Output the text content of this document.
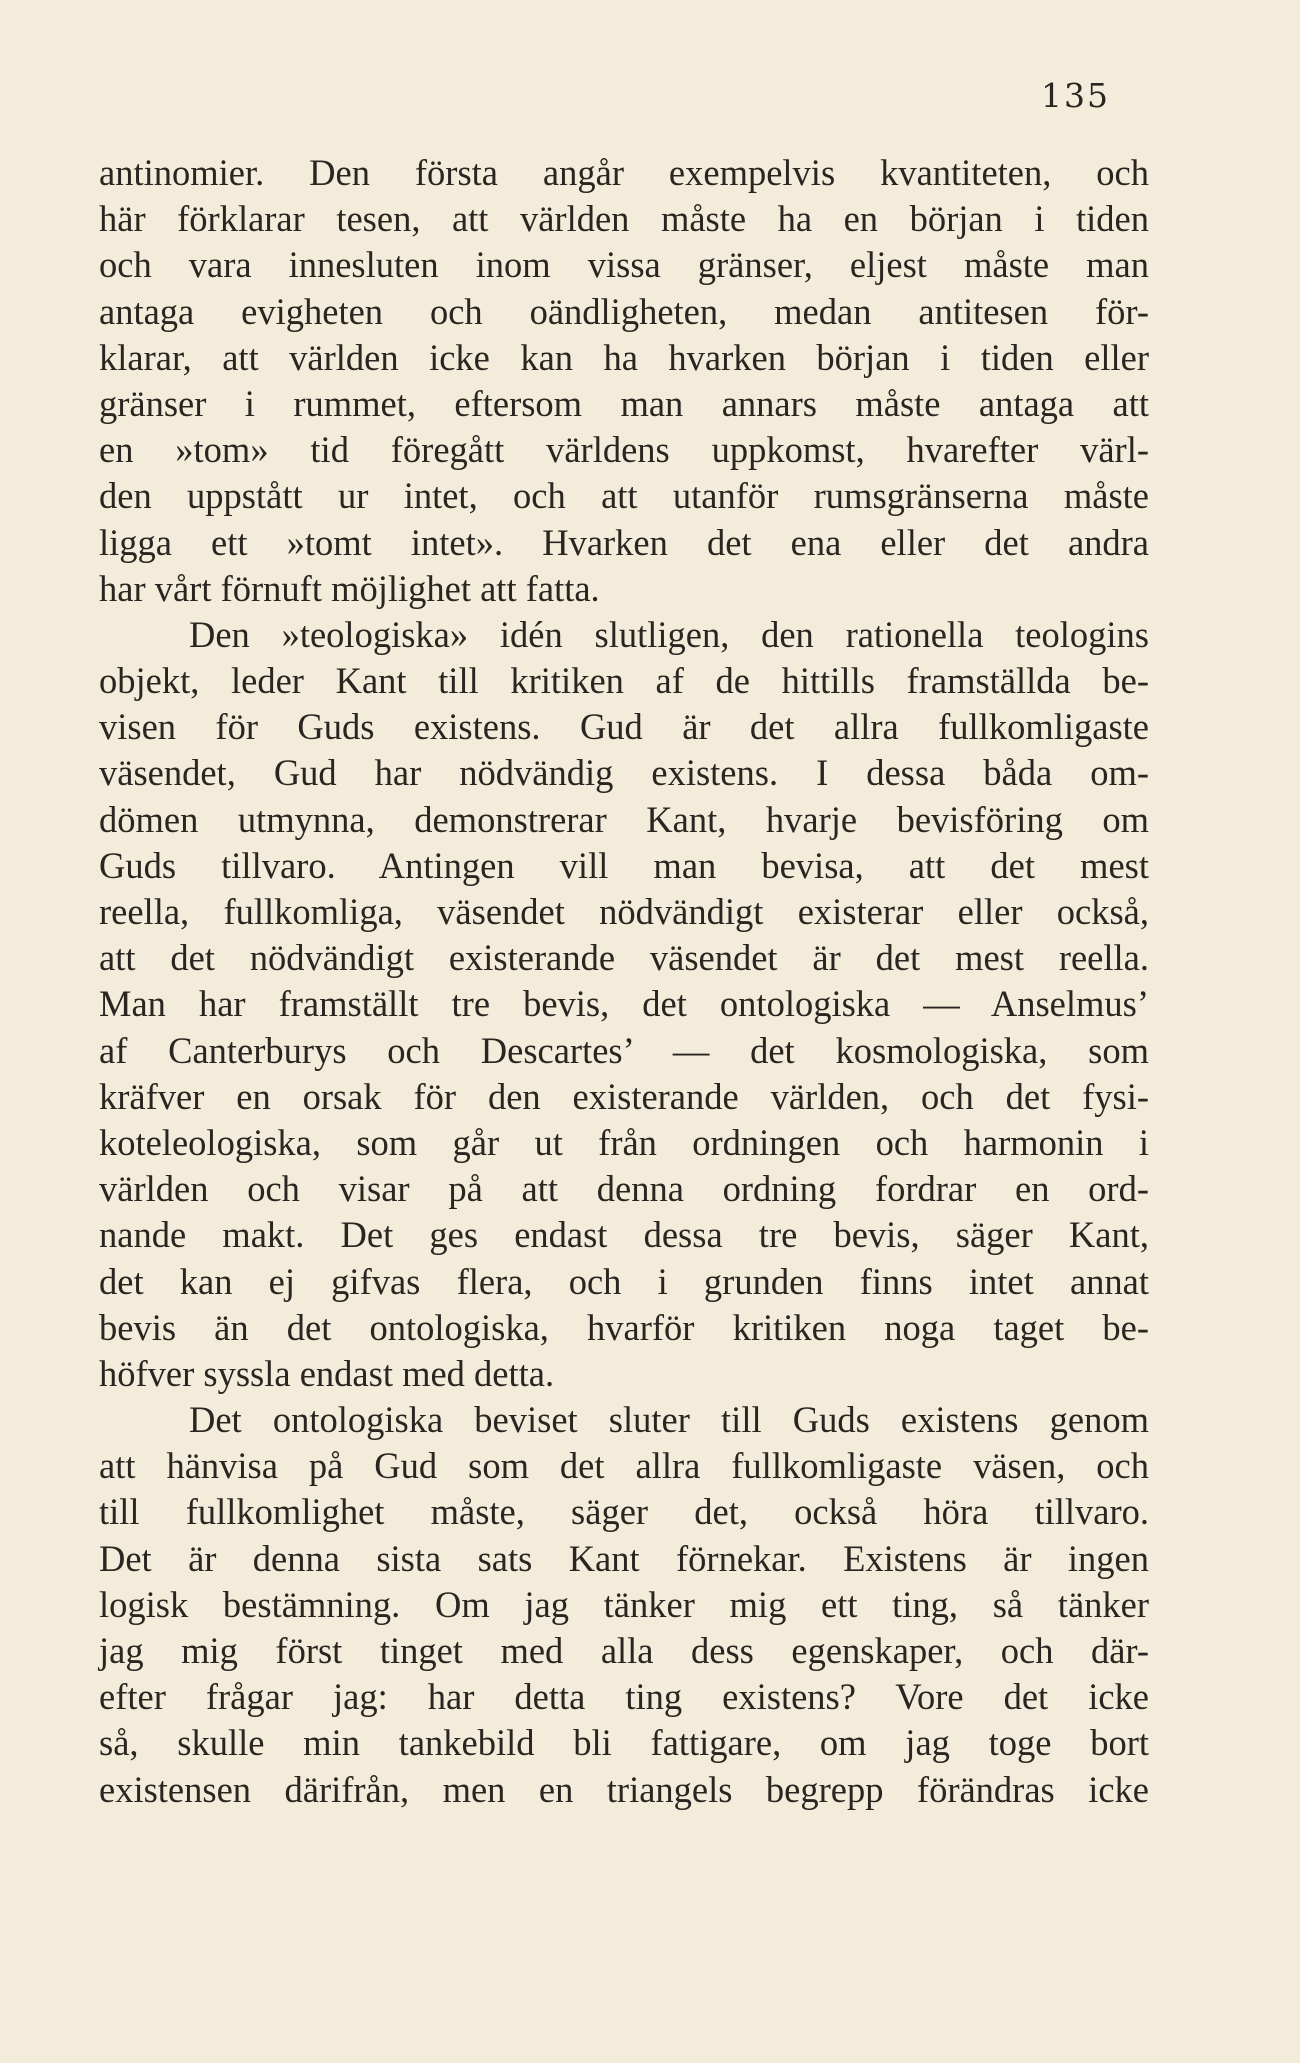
135
antinomier. Den första angår exempelvis kvantiteten, och
här förklarar tesen, att världen måste ha en början i tiden
och vara innesluten inom vissa gränser, eljest måste man
antaga evigheten och oändligheten, medan antitesen för-
klarar, att världen icke kan ha hvarken början i tiden eller
gränser i rummet, eftersom man annars måste antaga att
en »tom» tid föregått världens uppkomst, hvarefter värl-
den uppstått ur intet, och att utanför rumsgränserna måste
ligga ett »tomt intet». Hvarken det ena eller det andra
har vårt förnuft möjlighet att fatta.
Den »teologiska» idén slutligen, den rationella teologins
objekt, leder Kant till kritiken af de hittills framställda be-
visen för Guds existens. Gud är det allra fullkomligaste
väsendet, Gud har nödvändig existens. I dessa båda om-
dömen utmynna, demonstrerar Kant, hvarje bevisföring om
Guds tillvaro. Antingen vill man bevisa, att det mest
reella, fullkomliga, väsendet nödvändigt existerar eller också,
att det nödvändigt existerande väsendet är det mest reella.
Man har framställt tre bevis, det ontologiska — Anselmus’
af Canterburys och Descartes’ — det kosmologiska, som
kräfver en orsak för den existerande världen, och det fysi-
koteleologiska, som går ut från ordningen och harmonin i
världen och visar på att denna ordning fordrar en ord-
nande makt. Det ges endast dessa tre bevis, säger Kant,
det kan ej gifvas flera, och i grunden finns intet annat
bevis än det ontologiska, hvarför kritiken noga taget be-
höfver syssla endast med detta.
Det ontologiska beviset sluter till Guds existens genom
att hänvisa på Gud som det allra fullkomligaste väsen, och
till fullkomlighet måste, säger det, också höra tillvaro.
Det är denna sista sats Kant förnekar. Existens är ingen
logisk bestämning. Om jag tänker mig ett ting, så tänker
jag mig först tinget med alla dess egenskaper, och där-
efter frågar jag: har detta ting existens? Vore det icke
så, skulle min tankebild bli fattigare, om jag toge bort
existensen därifrån, men en triangels begrepp förändras icke
